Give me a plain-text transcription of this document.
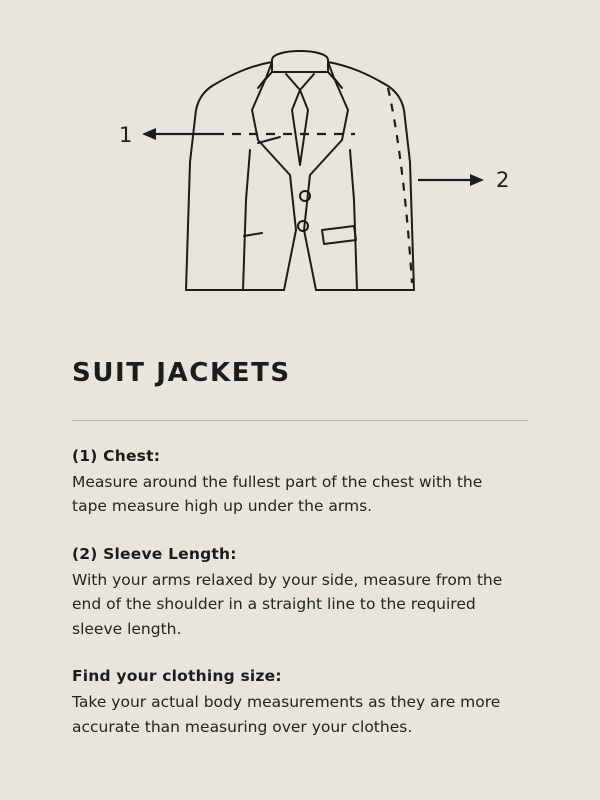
1
2
SUIT JACKETS

(1) Chest:

Measure around the fullest part of the chest with the tape measure high up under the arms.

(2) Sleeve Length:

With your arms relaxed by your side, measure from the end of the shoulder in a straight line to the required sleeve length.

Find your clothing size:

Take your actual body measurements as they are more accurate than measuring over your clothes.
